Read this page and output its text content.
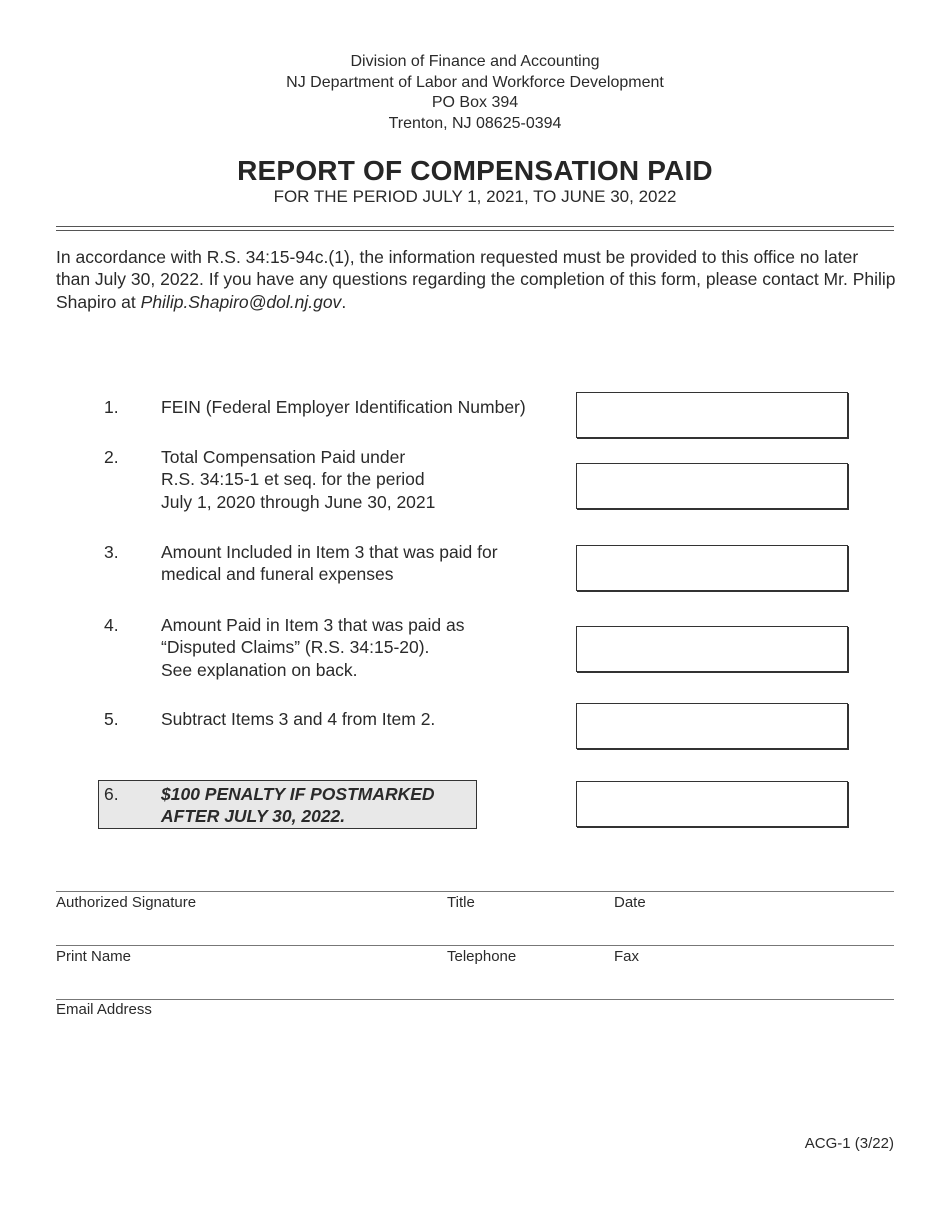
Division of Finance and Accounting
NJ Department of Labor and Workforce Development
PO Box 394
Trenton, NJ 08625-0394
REPORT OF COMPENSATION PAID
FOR THE PERIOD JULY 1, 2021, TO JUNE 30, 2022
In accordance with R.S. 34:15-94c.(1), the information requested must be provided to this office no later than July 30, 2022. If you have any questions regarding the completion of this form, please contact Mr. Philip Shapiro at Philip.Shapiro@dol.nj.gov.
1. FEIN (Federal Employer Identification Number)
2. Total Compensation Paid under
R.S. 34:15-1 et seq. for the period
July 1, 2020 through June 30, 2021
3. Amount Included in Item 3 that was paid for
medical and funeral expenses
4. Amount Paid in Item 3 that was paid as
“Disputed Claims” (R.S. 34:15-20).
See explanation on back.
5. Subtract Items 3 and 4 from Item 2.
6. $100 PENALTY IF POSTMARKED
AFTER JULY 30, 2022.
Authorized Signature	Title	Date
Print Name	Telephone	Fax
Email Address
ACG-1 (3/22)
